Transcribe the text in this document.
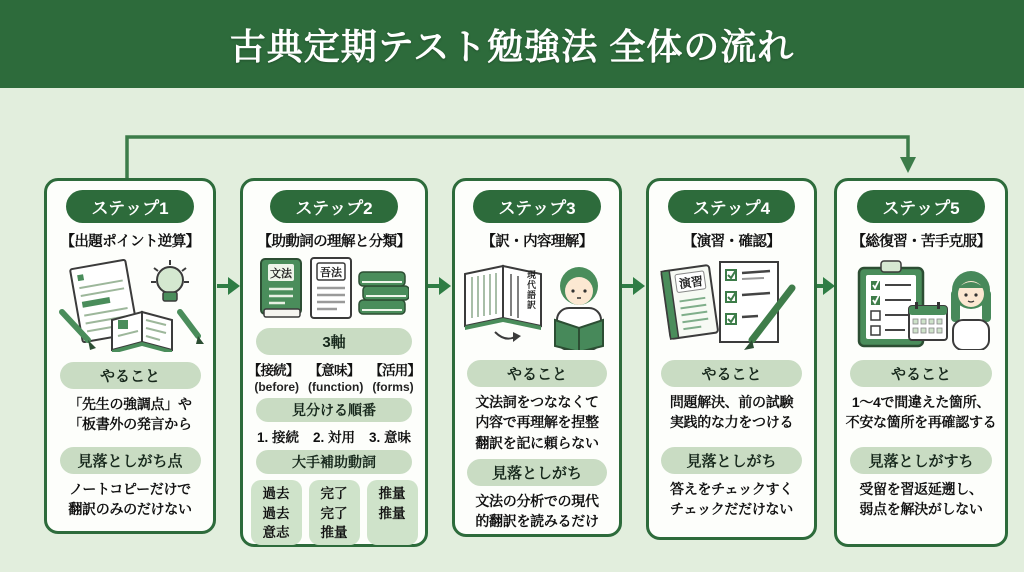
古典定期テスト勉強法 全体の流れ
ステップ1
【出題ポイント逆算】
やること
「先生の強調点」や
「板書外の発言から
見落としがち点
ノートコピーだけで
翻訳のみのだけない
ステップ2
【助動詞の理解と分類】
文法	吾法
3軸
【接続】 【意味】 【活用】
(before) (function) (forms)
見分ける順番
1. 接続 2. 対用 3. 意味
大手補助動詞
過去
過去
意志
完了
完了
推量
推量
推量
ステップ3
【訳・内容理解】
現代語訳
やること
文法詞をつななくて
内容で再理解を捏整
翻訳を記に頼らない
見落としがち
文法の分析での現代
的翻訳を読みるだけ
ステップ4
【演習・確認】
演習
やること
問題解決、前の試験
実践的な力をつける
見落としがち
答えをチェックすく
チェックだだけない
ステップ5
【総復習・苦手克服】
やること
1〜4で間違えた箇所、
不安な箇所を再確認する
見落としがすち
受留を習返延遡し、
弱点を解決がしない
